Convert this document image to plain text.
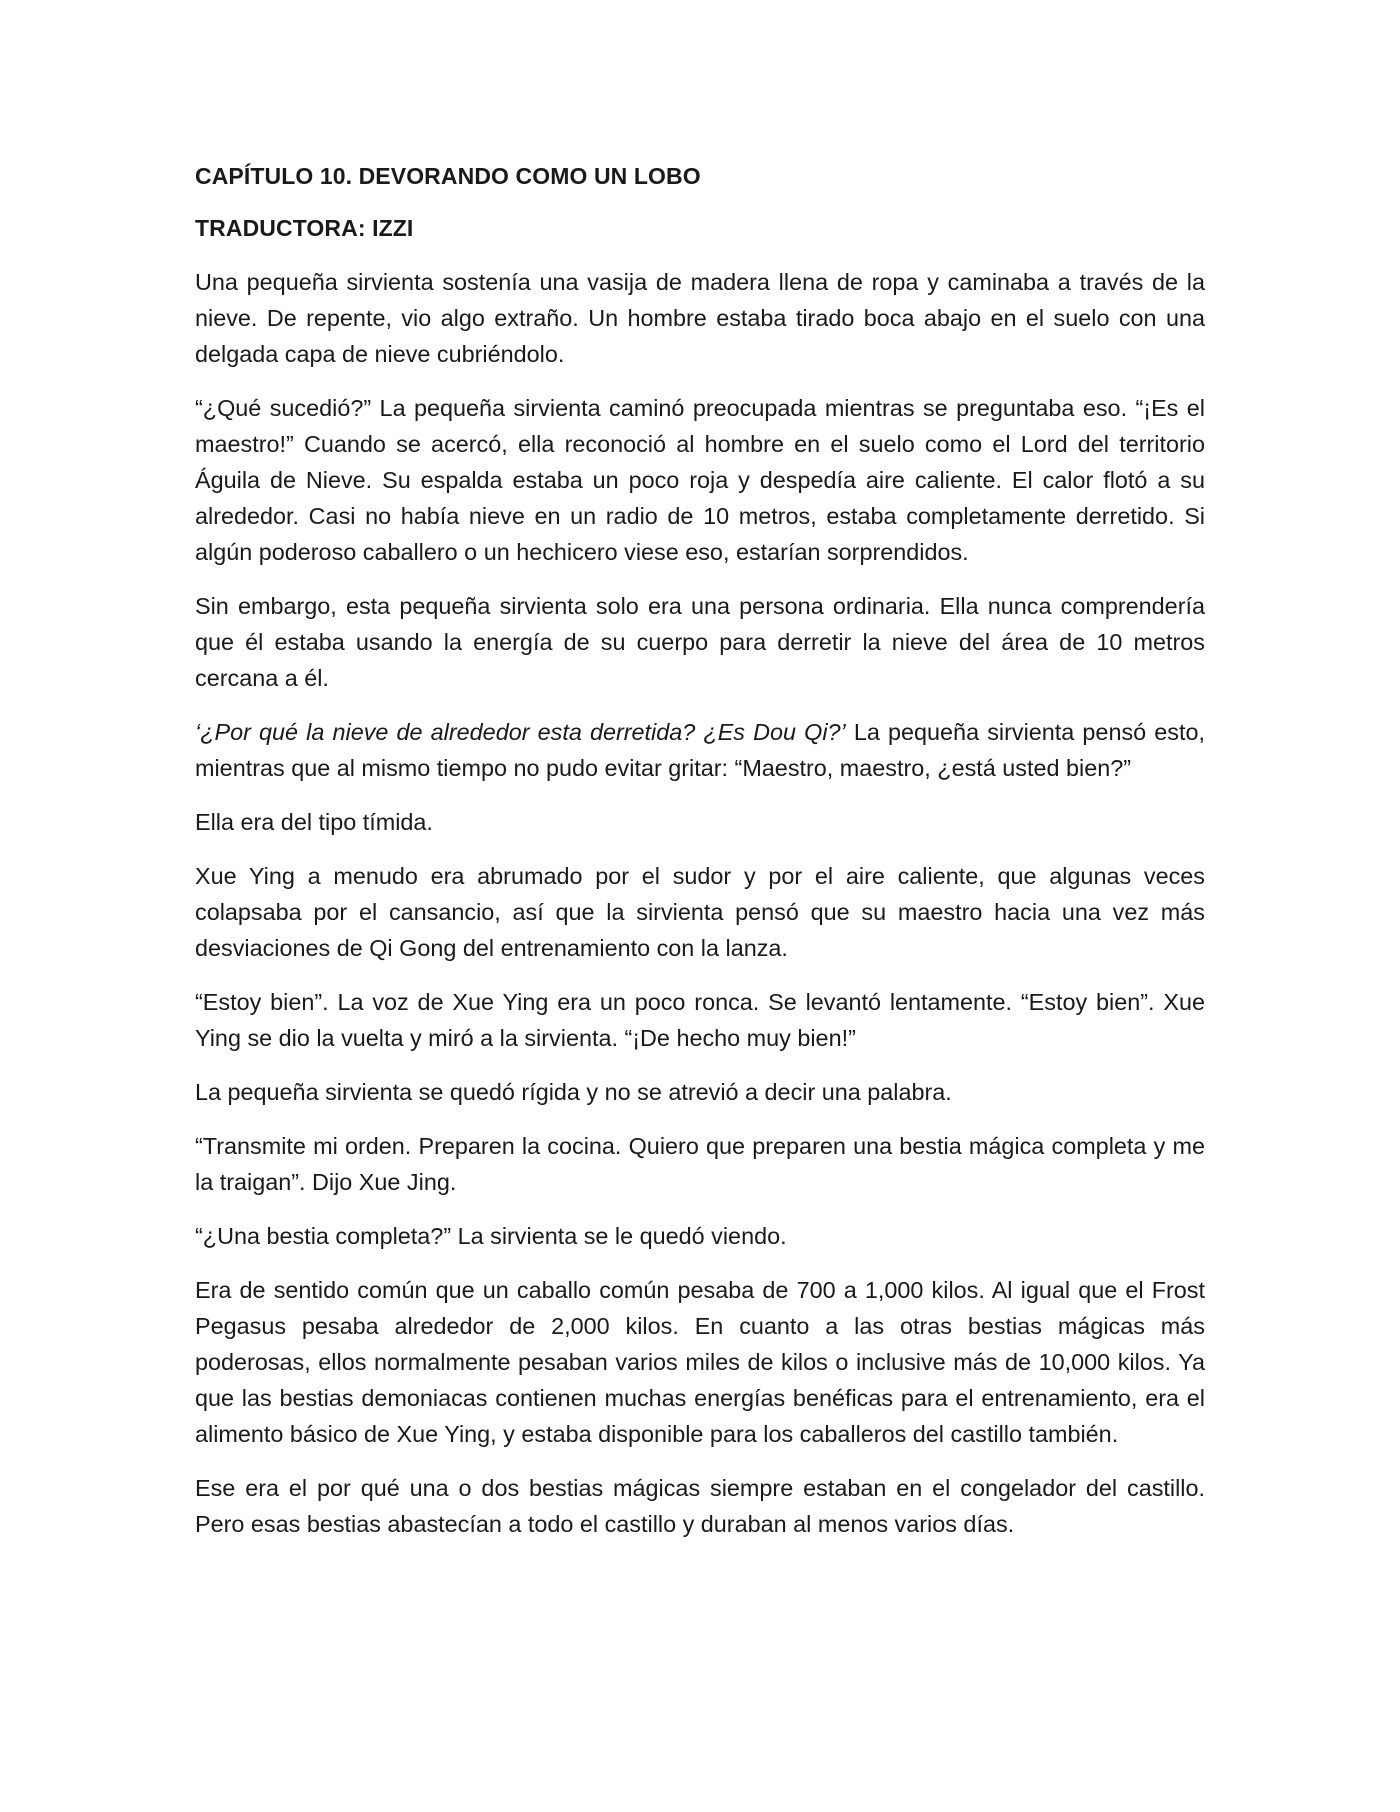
CAPÍTULO 10. DEVORANDO COMO UN LOBO
TRADUCTORA: IZZI

Una pequeña sirvienta sostenía una vasija de madera llena de ropa y caminaba a través de la nieve. De repente, vio algo extraño. Un hombre estaba tirado boca abajo en el suelo con una delgada capa de nieve cubriéndolo.

“¿Qué sucedió?” La pequeña sirvienta caminó preocupada mientras se preguntaba eso. “¡Es el maestro!” Cuando se acercó, ella reconoció al hombre en el suelo como el Lord del territorio Águila de Nieve. Su espalda estaba un poco roja y despedía aire caliente. El calor flotó a su alrededor. Casi no había nieve en un radio de 10 metros, estaba completamente derretido. Si algún poderoso caballero o un hechicero viese eso, estarían sorprendidos.

Sin embargo, esta pequeña sirvienta solo era una persona ordinaria. Ella nunca comprendería que él estaba usando la energía de su cuerpo para derretir la nieve del área de 10 metros cercana a él.

‘¿Por qué la nieve de alrededor esta derretida? ¿Es Dou Qi?’ La pequeña sirvienta pensó esto, mientras que al mismo tiempo no pudo evitar gritar: “Maestro, maestro, ¿está usted bien?”

Ella era del tipo tímida.

Xue Ying a menudo era abrumado por el sudor y por el aire caliente, que algunas veces colapsaba por el cansancio, así que la sirvienta pensó que su maestro hacia una vez más desviaciones de Qi Gong del entrenamiento con la lanza.

“Estoy bien”. La voz de Xue Ying era un poco ronca. Se levantó lentamente. “Estoy bien”. Xue Ying se dio la vuelta y miró a la sirvienta. “¡De hecho muy bien!”

La pequeña sirvienta se quedó rígida y no se atrevió a decir una palabra.

“Transmite mi orden. Preparen la cocina. Quiero que preparen una bestia mágica completa y me la traigan”. Dijo Xue Jing.

“¿Una bestia completa?” La sirvienta se le quedó viendo.

Era de sentido común que un caballo común pesaba de 700 a 1,000 kilos. Al igual que el Frost Pegasus pesaba alrededor de 2,000 kilos. En cuanto a las otras bestias mágicas más poderosas, ellos normalmente pesaban varios miles de kilos o inclusive más de 10,000 kilos. Ya que las bestias demoniacas contienen muchas energías benéficas para el entrenamiento, era el alimento básico de Xue Ying, y estaba disponible para los caballeros del castillo también.

Ese era el por qué una o dos bestias mágicas siempre estaban en el congelador del castillo. Pero esas bestias abastecían a todo el castillo y duraban al menos varios días.
